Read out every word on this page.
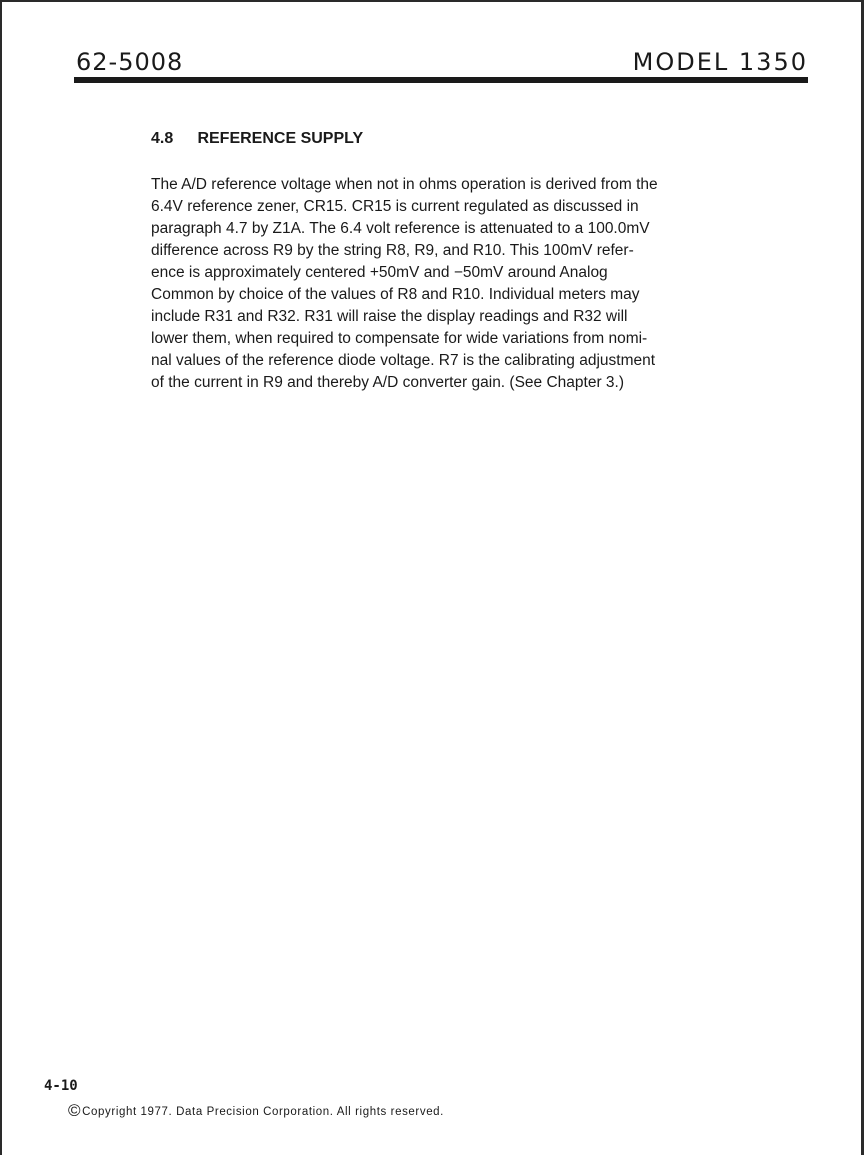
62-5008	MODEL 1350
4.8 REFERENCE SUPPLY
The A/D reference voltage when not in ohms operation is derived from the
6.4V reference zener, CR15. CR15 is current regulated as discussed in
paragraph 4.7 by Z1A. The 6.4 volt reference is attenuated to a 100.0mV
difference across R9 by the string R8, R9, and R10. This 100mV refer-
ence is approximately centered +50mV and −50mV around Analog
Common by choice of the values of R8 and R10. Individual meters may
include R31 and R32. R31 will raise the display readings and R32 will
lower them, when required to compensate for wide variations from nomi-
nal values of the reference diode voltage. R7 is the calibrating adjustment
of the current in R9 and thereby A/D converter gain. (See Chapter 3.)
4-10
©Copyright 1977. Data Precision Corporation. All rights reserved.
